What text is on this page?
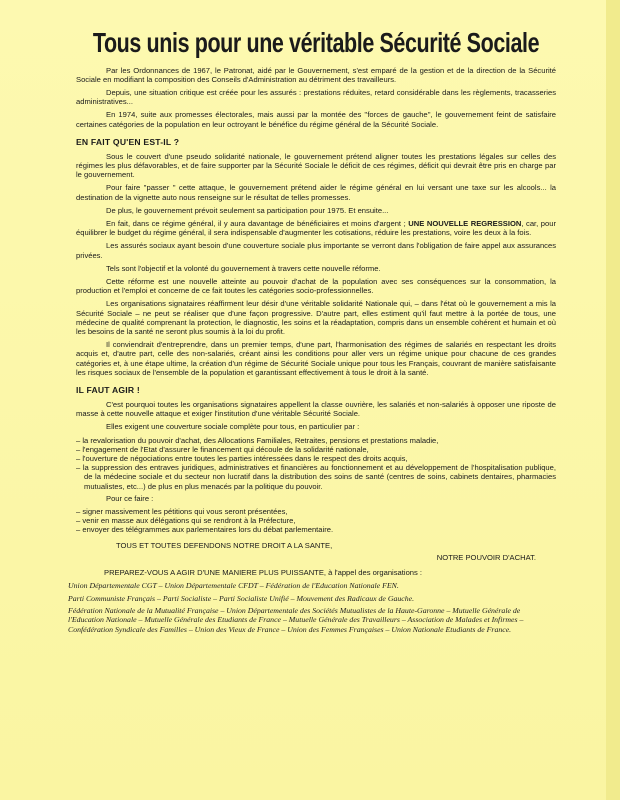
Tous unis pour une véritable Sécurité Sociale

Par les Ordonnances de 1967, le Patronat, aidé par le Gouvernement, s'est emparé de la gestion et de la direction de la Sécurité Sociale en modifiant la composition des Conseils d'Administration au détriment des travailleurs.

Depuis, une situation critique est créée pour les assurés : prestations réduites, retard considérable dans les règlements, tracasseries administratives...

En 1974, suite aux promesses électorales, mais aussi par la montée des ''forces de gauche'', le gouvernement feint de satisfaire certaines catégories de la population en leur octroyant le bénéfice du régime général de la Sécurité Sociale.

EN FAIT QU'EN EST-IL ?

Sous le couvert d'une pseudo solidarité nationale, le gouvernement prétend aligner toutes les prestations légales sur celles des régimes les plus défavorables, et de faire supporter par la Sécurité Sociale le déficit de ces régimes, déficit qui devrait être pris en charge par le gouvernement.

Pour faire ''passer '' cette attaque, le gouvernement prétend aider le régime général en lui versant une taxe sur les alcools... la destination de la vignette auto nous renseigne sur le résultat de telles promesses.

De plus, le gouvernement prévoit seulement sa participation pour 1975. Et ensuite...

En fait, dans ce régime général, il y aura davantage de bénéficiaires et moins d'argent ; UNE NOUVELLE REGRESSION, car, pour équilibrer le budget du régime général, il sera indispensable d'augmenter les cotisations, réduire les prestations, voire les deux à la fois.

Les assurés sociaux ayant besoin d'une couverture sociale plus importante se verront dans l'obligation de faire appel aux assurances privées.

Tels sont l'objectif et la volonté du gouvernement à travers cette nouvelle réforme.

Cette réforme est une nouvelle atteinte au pouvoir d'achat de la population avec ses conséquences sur la consommation, la production et l'emploi et concerne de ce fait toutes les catégories socio-professionnelles.

Les organisations signataires réaffirment leur désir d'une véritable solidarité Nationale qui, – dans l'état où le gouvernement a mis la Sécurité Sociale – ne peut se réaliser que d'une façon progressive. D'autre part, elles estiment qu'il faut mettre à la portée de tous, une médecine de qualité comprenant la protection, le diagnostic, les soins et la réadaptation, compris dans un ensemble cohérent et humain et où les besoins de la santé ne seront plus soumis à la loi du profit.

Il conviendrait d'entreprendre, dans un premier temps, d'une part, l'harmonisation des régimes de salariés en respectant les droits acquis et, d'autre part, celle des non-salariés, créant ainsi les conditions pour aller vers un régime unique pour chacune de ces grandes catégories et, à une étape ultime, la création d'un régime de Sécurité Sociale unique pour tous les Français, couvrant de manière satisfaisante les risques sociaux de l'ensemble de la population et garantissant effectivement à tous le droit à la santé.

IL FAUT AGIR !

C'est pourquoi toutes les organisations signataires appellent la classe ouvrière, les salariés et non-salariés à opposer une riposte de masse à cette nouvelle attaque et exiger l'institution d'une véritable Sécurité Sociale.

Elles exigent une couverture sociale complète pour tous, en particulier par :

– la revalorisation du pouvoir d'achat, des Allocations Familiales, Retraites, pensions et prestations maladie,
– l'engagement de l'Etat d'assurer le financement qui découle de la solidarité nationale,
– l'ouverture de négociations entre toutes les parties intéressées dans le respect des droits acquis,
– la suppression des entraves juridiques, administratives et financières au fonctionnement et au développement de l'hospitalisation publique, de la médecine sociale et du secteur non lucratif dans la distribution des soins de santé (centres de soins, cabinets dentaires, pharmacies mutualistes, etc...) de plus en plus menacés par la politique du pouvoir.

Pour ce faire :

– signer massivement les pétitions qui vous seront présentées,
– venir en masse aux délégations qui se rendront à la Préfecture,
– envoyer des télégrammes aux parlementaires lors du débat parlementaire.
TOUS ET TOUTES DEFENDONS NOTRE DROIT A LA SANTE,
NOTRE POUVOIR D'ACHAT.
PREPAREZ-VOUS A AGIR D'UNE MANIERE PLUS PUISSANTE, à l'appel des organisations :

Union Départementale CGT – Union Départementale CFDT – Fédération de l'Education Nationale FEN.

Parti Communiste Français – Parti Socialiste – Parti Socialiste Unifié – Mouvement des Radicaux de Gauche.

Fédération Nationale de la Mutualité Française – Union Départementale des Sociétés Mutualistes de la Haute-Garonne – Mutuelle Générale de l'Education Nationale – Mutuelle Générale des Etudiants de France – Mutuelle Générale des Travailleurs – Association de Malades et Infirmes – Confédération Syndicale des Familles – Union des Vieux de France – Union des Femmes Françaises – Union Nationale Etudiants de France.
